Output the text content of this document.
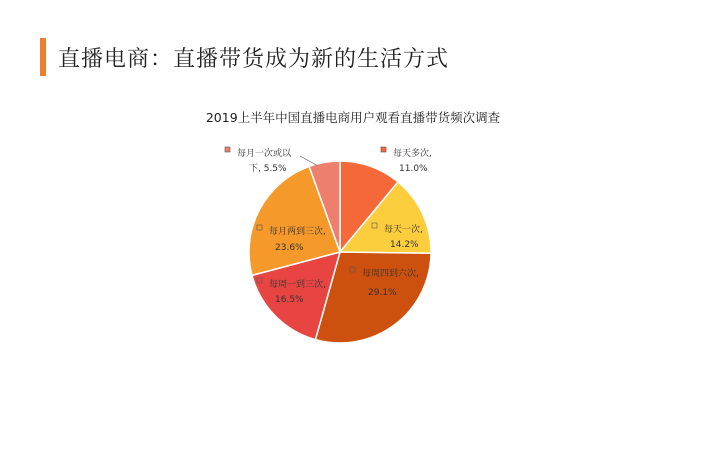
直播电商：直播带货成为新的生活方式
2019上半年中国直播电商用户观看直播带货频次调查
每天多次,
11.0%
每天一次,
14.2%
每周四到六次,
29.1%
每周一到三次,
16.5%
每月两到三次,
23.6%
每月一次或以
下, 5.5%
